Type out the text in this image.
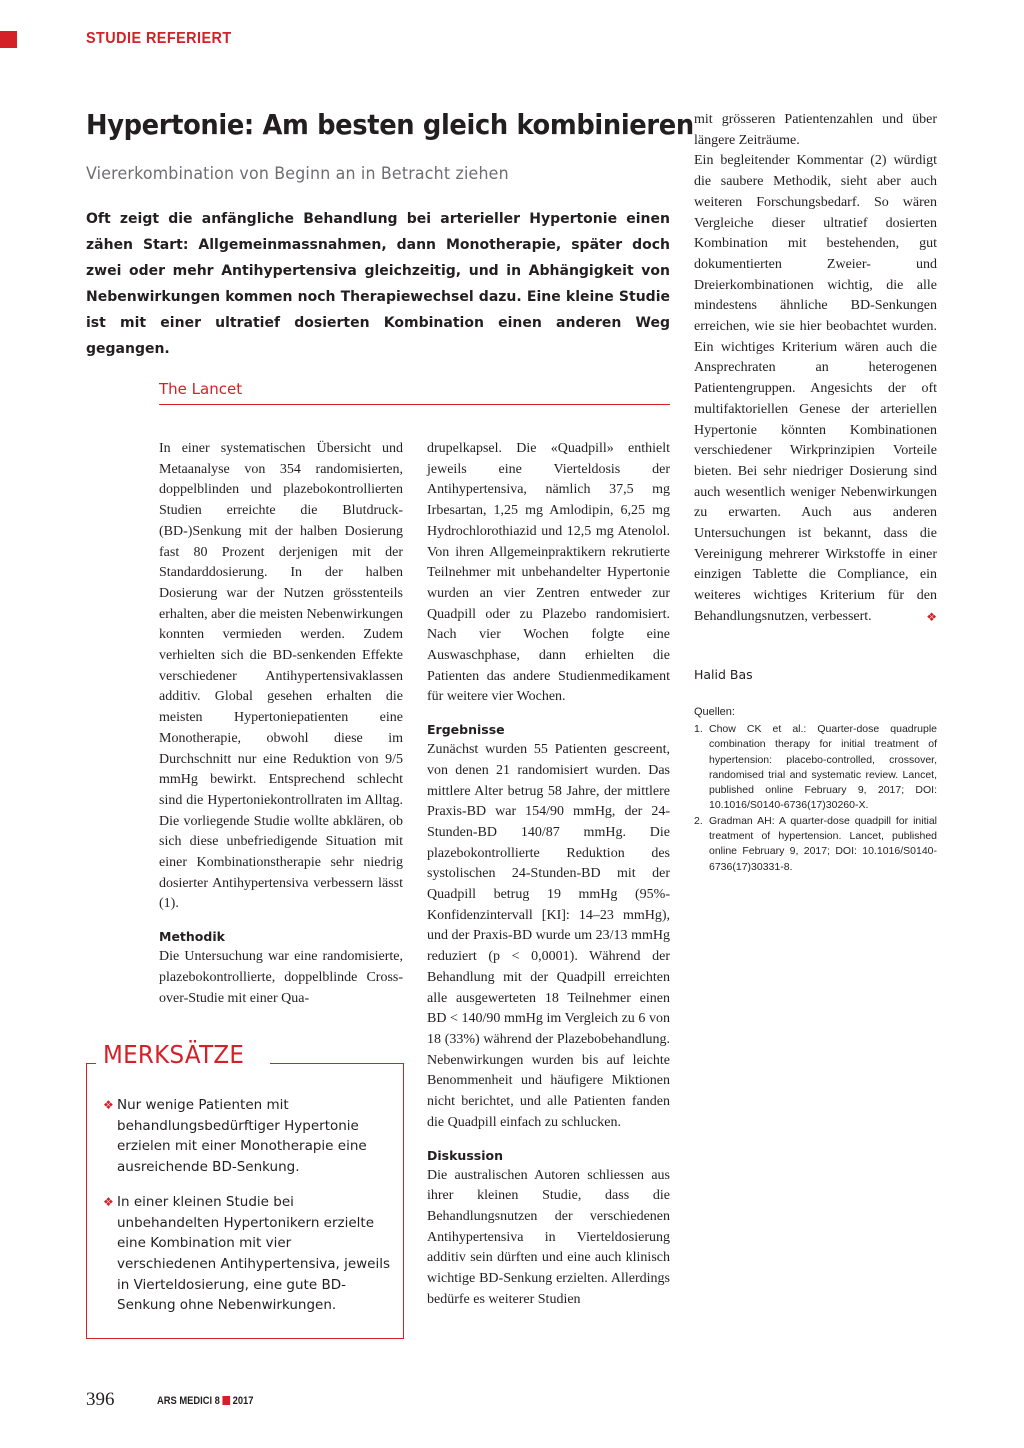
STUDIE REFERIERT
Hypertonie: Am besten gleich kombinieren
Viererkombination von Beginn an in Betracht ziehen
Oft zeigt die anfängliche Behandlung bei arterieller Hypertonie einen zähen Start: Allgemeinmassnahmen, dann Monotherapie, später doch zwei oder mehr Antihypertensiva gleichzeitig, und in Abhängigkeit von Nebenwirkungen kommen noch Therapiewechsel dazu. Eine kleine Studie ist mit einer ultratief dosierten Kombination einen anderen Weg gegangen.
The Lancet

In einer systematischen Übersicht und Metaanalyse von 354 randomisierten, doppelblinden und plazebokontrollierten Studien erreichte die Blutdruck-(BD-)Senkung mit der halben Dosierung fast 80 Prozent derjenigen mit der Standarddosierung. In der halben Dosierung war der Nutzen grösstenteils erhalten, aber die meisten Nebenwirkungen konnten vermieden werden. Zudem verhielten sich die BD-senkenden Effekte verschiedener Antihypertensivaklassen additiv. Global gesehen erhalten die meisten Hypertoniepatienten eine Monotherapie, obwohl diese im Durchschnitt nur eine Reduktion von 9/5 mmHg bewirkt. Entsprechend schlecht sind die Hypertoniekontrollraten im Alltag. Die vorliegende Studie wollte abklären, ob sich diese unbefriedigende Situation mit einer Kombinationstherapie sehr niedrig dosierter Antihypertensiva verbessern lässt (1).

Methodik

Die Untersuchung war eine randomisierte, plazebokontrollierte, doppelblinde Cross-over-Studie mit einer Qua-

drupelkapsel. Die «Quadpill» enthielt jeweils eine Vierteldosis der Antihypertensiva, nämlich 37,5 mg Irbesartan, 1,25 mg Amlodipin, 6,25 mg Hydrochlorothiazid und 12,5 mg Atenolol. Von ihren Allgemeinpraktikern rekrutierte Teilnehmer mit unbehandelter Hypertonie wurden an vier Zentren entweder zur Quadpill oder zu Plazebo randomisiert. Nach vier Wochen folgte eine Auswaschphase, dann erhielten die Patienten das andere Studienmedikament für weitere vier Wochen.

Ergebnisse

Zunächst wurden 55 Patienten gescreent, von denen 21 randomisiert wurden. Das mittlere Alter betrug 58 Jahre, der mittlere Praxis-BD war 154/90 mmHg, der 24-Stunden-BD 140/87 mmHg. Die plazebokontrollierte Reduktion des systolischen 24-Stunden-BD mit der Quadpill betrug 19 mmHg (95%-Konfidenzintervall [KI]: 14–23 mmHg), und der Praxis-BD wurde um 23/13 mmHg reduziert (p < 0,0001). Während der Behandlung mit der Quadpill erreichten alle ausgewerteten 18 Teilnehmer einen BD < 140/90 mmHg im Vergleich zu 6 von 18 (33%) während der Plazebobehandlung. Nebenwirkungen wurden bis auf leichte Benommenheit und häufigere Miktionen nicht berichtet, und alle Patienten fanden die Quadpill einfach zu schlucken.

Diskussion

Die australischen Autoren schliessen aus ihrer kleinen Studie, dass die Behandlungsnutzen der verschiedenen Antihypertensiva in Vierteldosierung additiv sein dürften und eine auch klinisch wichtige BD-Senkung erzielten. Allerdings bedürfe es weiterer Studien

mit grösseren Patientenzahlen und über längere Zeiträume.

Ein begleitender Kommentar (2) würdigt die saubere Methodik, sieht aber auch weiteren Forschungsbedarf. So wären Vergleiche dieser ultratief dosierten Kombination mit bestehenden, gut dokumentierten Zweier- und Dreierkombinationen wichtig, die alle mindestens ähnliche BD-Senkungen erreichen, wie sie hier beobachtet wurden. Ein wichtiges Kriterium wären auch die Ansprechraten an heterogenen Patientengruppen. Angesichts der oft multifaktoriellen Genese der arteriellen Hypertonie könnten Kombinationen verschiedener Wirkprinzipien Vorteile bieten. Bei sehr niedriger Dosierung sind auch wesentlich weniger Nebenwirkungen zu erwarten. Auch aus anderen Untersuchungen ist bekannt, dass die Vereinigung mehrerer Wirkstoffe in einer einzigen Tablette die Compliance, ein weiteres wichtiges Kriterium für den Behandlungsnutzen, verbessert.	❖

Halid Bas
Quellen:
1. Chow CK et al.: Quarter-dose quadruple combination therapy for initial treatment of hypertension: placebo-controlled, crossover, randomised trial and systematic review. Lancet, published online February 9, 2017; DOI: 10.1016/S0140-6736(17)30260-X.
2. Gradman AH: A quarter-dose quadpill for initial treatment of hypertension. Lancet, published online February 9, 2017; DOI: 10.1016/S0140-6736(17)30331-8.
MERKSÄTZE
❖ Nur wenige Patienten mit behandlungsbedürftiger Hypertonie erzielen mit einer Monotherapie eine ausreichende BD-Senkung.
❖ In einer kleinen Studie bei unbehandelten Hypertonikern erzielte eine Kombination mit vier verschiedenen Antihypertensiva, jeweils in Vierteldosierung, eine gute BD-Senkung ohne Nebenwirkungen.
396	ARS MEDICI 8 2017
